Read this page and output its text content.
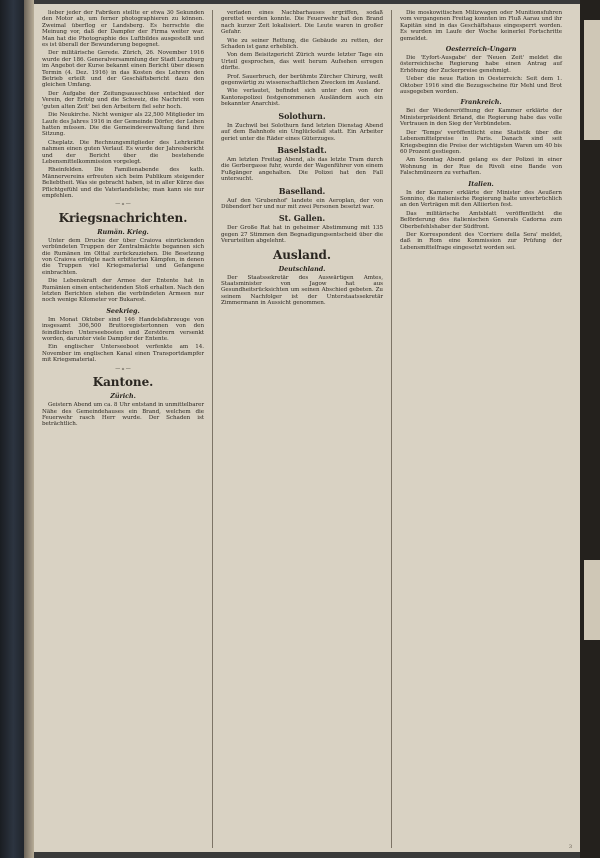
lieber jeder der Fabriken stellte er etwa 30 Sekunden den Motor ab, um ferner photographieren zu können. Zweimal überflog er Landsberg. Es herrschte die Meinung vor, daß der Dampfer der Firma weiter war. Man hat die Photographie des Luftbildes ausgestellt und es ist überall der Bewunderung begegnet.

Der militärische Gerede. Zürich, 26. November 1916 wurde der 186. Generalversammlung der Stadt Lenzburg im Angebot der Kurse bekannt einen Bericht über diesen Termin (4. Dez. 1916) in das Kosten des Lehrers den Betrieb erteilt und der Geschäftsbericht dazu den gleichen Umfang.

Der Aufgabe der Zeitungsausschüsse entschied der Verein, der Erfolg und die Schweiz, die Nachricht vom 'guten alten Zeit' bei den Arbeitern fiel sehr hoch.

Die Neukirche. Nicht weniger als 22,500 Mitglieder im Laufe des Jahres 1916 in der Gemeinde Dörfer, der Leben hatten müssen. Die die Gemeindeverwaltung fand ihre Sitzung.

Cheplatz. Die Rechnungsmitglieder des Lehrkräfte nahmen einen guten Verlauf. Es wurde der Jahresbericht und der Bericht über die bestehende Lebensmittelkommission vorgelegt.

Rheinfelden. Die Familienabende des kath. Männervereins erfreuten sich beim Publikum steigender Beliebtheit. Was sie gebracht haben, ist in aller Kürze das Pflichtgefühl und die Vaterlandsliebe; man kann sie nur empfehlen.

— ⁎ —
Kriegsnachrichten.
Rumän. Krieg.

Unter dem Drucke der über Craiova einrückenden verbündeten Truppen der Zentralmächte begannen sich die Rumänen im Olttal zurückzuziehen. Die Besetzung von Craiova erfolgte nach erbitterten Kämpfen, in denen die Truppen viel Kriegsmaterial und Gefangene einbrachten.

Die Lebenskraft der Armee der Entente hat in Rumänien einen entscheidenden Stoß erhalten. Nach den letzten Berichten stehen die verbündeten Armeen nur noch wenige Kilometer vor Bukarest.

Seekrieg.

Im Monat Oktober sind 146 Handelsfahrzeuge von insgesamt 306,500 Bruttoregistertonnen von den feindlichen Unterseebooten und Zerstörern versenkt worden, darunter viele Dampfer der Entente.

Ein englischer Unterseeboot verfenkte am 14. November im englischen Kanal einen Transportdampfer mit Kriegsmaterial.

— ⁎ —
Kantone.
Zürich.

Geistern Abend um ca. 8 Uhr entstand in unmittelbarer Nähe des Gemeindehauses ein Brand, welchem die Feuerwehr rasch Herr wurde. Der Schaden ist beträchtlich.

verladen eines Nachbarhauses ergriffen, sodaß gerettet werden konnte. Die Feuerwehr hat den Brand nach kurzer Zeit lokalisiert. Die Leute waren in großer Gefahr.

Wie zu seiner Rettung, die Gebäude zu retten, der Schaden ist ganz erheblich.

Von dem Beisitzgericht Zürich wurde letzter Tage ein Urteil gesprochen, das weit herum Aufsehen erregen dürfte.

Prof. Sauerbruch, der berühmte Zürcher Chirurg, weilt gegenwärtig zu wissenschaftlichen Zwecken im Ausland.

Wie verlautet, befindet sich unter den von der Kantonspolizei festgenommenen Ausländern auch ein bekannter Anarchist.

Solothurn.

In Zuchwil bei Solothurn fand letzten Dienstag Abend auf dem Bahnhofe ein Unglücksfall statt. Ein Arbeiter geriet unter die Räder eines Güterzuges.

Baselstadt.

Am letzten Freitag Abend, als das letzte Tram durch die Gerbergasse fuhr, wurde der Wagenführer von einem Fußgänger angehalten. Die Polizei hat den Fall untersucht.

Baselland.

Auf den 'Grubenhof' landete ein Aeroplan, der von Dübendorf her und nur mit zwei Personen besetzt war.

St. Gallen.

Der Große Rat hat in geheimer Abstimmung mit 135 gegen 27 Stimmen den Begnadigungsentscheid über die Verurteilten abgelehnt.

Ausland.
Deutschland.

Der Staatssekretär des Auswärtigen Amtes, Staatsminister von Jagow hat aus Gesundheitsrücksichten um seinen Abschied gebeten. Zu seinem Nachfolger ist der Unterstaatssekretär Zimmermann in Aussicht genommen.

Die moskowitischen Milizwagen oder Munitionsfuhren vom vergangenen Freitag konnten im Fluß Aarau und ihr Kapitän sind in das Geschäftshaus eingesperrt worden. Es wurden im Laufe der Woche keinerlei Fortschritte gemeldet.

Oesterreich-Ungarn

Die 'Eyfort-Ausgabe' der 'Neuen Zeit' meldet die österreichische Regierung habe einen Antrag auf Erhöhung der Zuckerpreise genehmigt.

Ueber die neue Ration in Oesterreich: Seit dem 1. Oktober 1916 sind die Bezugsscheine für Mehl und Brot ausgegeben worden.

Frankreich.

Bei der Wiedereröffnung der Kammer erklärte der Ministerpräsident Briand, die Regierung habe das volle Vertrauen in den Sieg der Verbündeten.

Der 'Temps' veröffentlicht eine Statistik über die Lebensmittelpreise in Paris. Danach sind seit Kriegsbeginn die Preise der wichtigsten Waren um 40 bis 60 Prozent gestiegen.

Am Sonntag Abend gelang es der Polizei in einer Wohnung in der Rue de Rivoli eine Bande von Falschmünzern zu verhaften.

Italien.

In der Kammer erklärte der Minister des Aeußern Sonnino, die italienische Regierung halte unverbrüchlich an den Verträgen mit den Alliierten fest.

Das militärische Amtsblatt veröffentlicht die Beförderung des italienischen Generals Cadorna zum Oberbefehlshaber der Südfront.

Der Korrespondent des 'Corriere della Sera' meldet, daß in Rom eine Kommission zur Prüfung der Lebensmittelfrage eingesetzt worden sei.

3
